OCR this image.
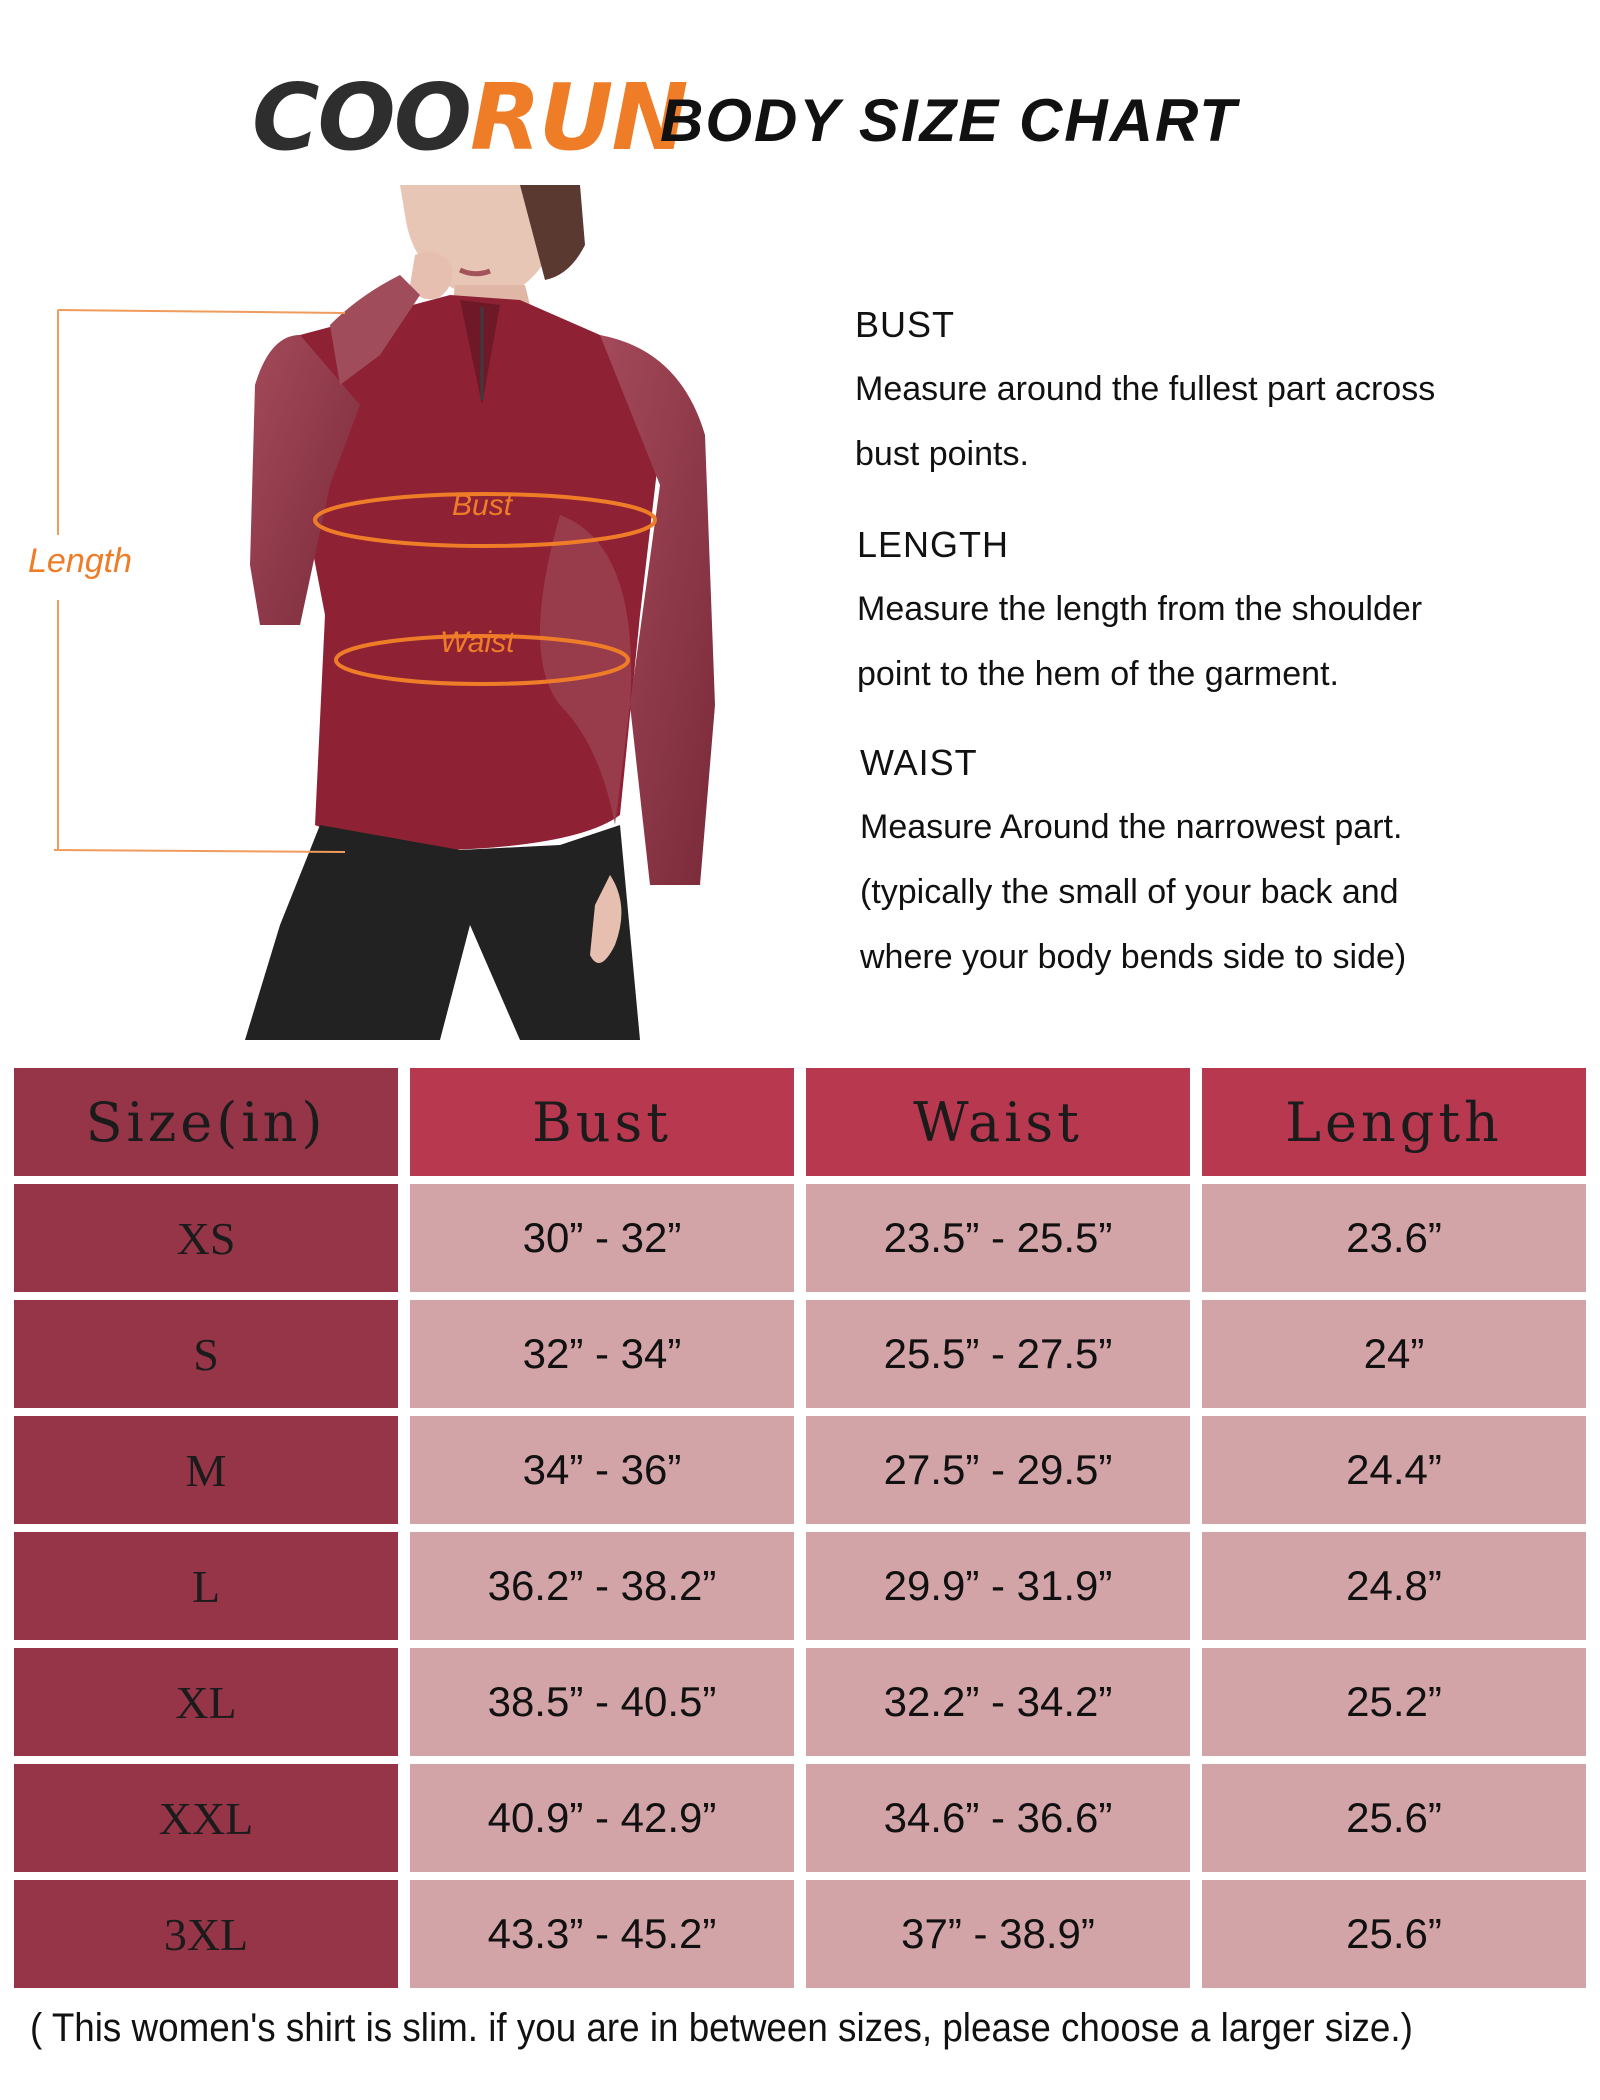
COORUN
BODY SIZE CHART
Length
Bust
Waist
BUST
Measure around the fullest part across
bust points.
LENGTH
Measure the length from the shoulder
point to the hem of the garment.
WAIST
Measure Around the narrowest part.
(typically the small of your back and
where your body bends side to side)
Size(in)	Bust	Waist	Length
XS	30” - 32”	23.5” - 25.5”	23.6”
S	32” - 34”	25.5” - 27.5”	24”
M	34” - 36”	27.5” - 29.5”	24.4”
L	36.2” - 38.2”	29.9” - 31.9”	24.8”
XL	38.5” - 40.5”	32.2” - 34.2”	25.2”
XXL	40.9” - 42.9”	34.6” - 36.6”	25.6”
3XL	43.3” - 45.2”	37” - 38.9”	25.6”
( This women's shirt is slim. if you are in between sizes, please choose a larger size.)
